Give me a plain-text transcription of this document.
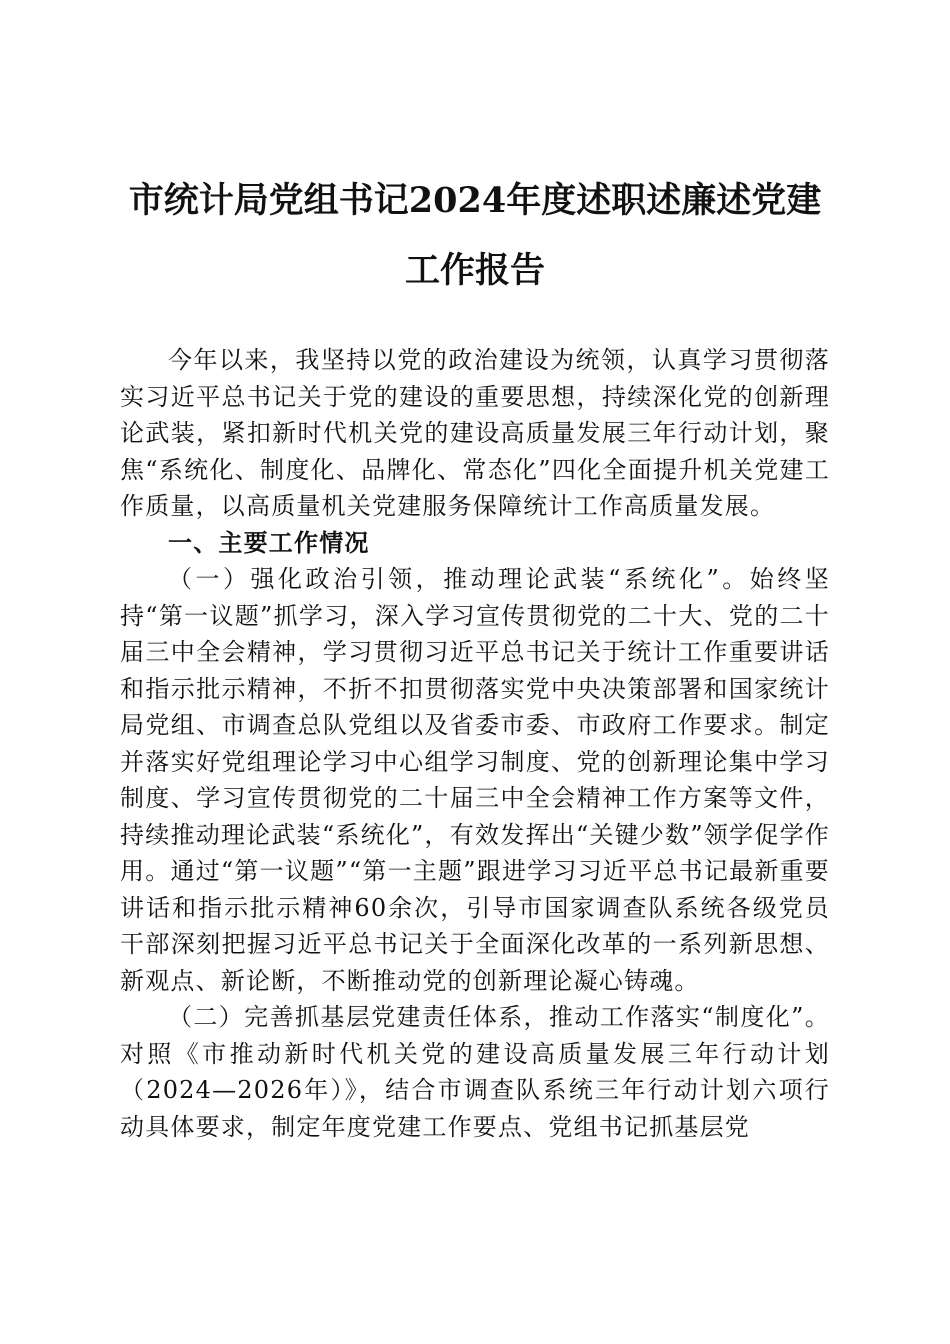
市统计局党组书记2024年度述职述廉述党建
工作报告

今年以来，我坚持以党的政治建设为统领，认真学习贯彻落实习近平总书记关于党的建设的重要思想，持续深化党的创新理论武装，紧扣新时代机关党的建设高质量发展三年行动计划，聚焦“系统化、制度化、品牌化、常态化”四化全面提升机关党建工作质量，以高质量机关党建服务保障统计工作高质量发展。

一、主要工作情况

（一）强化政治引领，推动理论武装“系统化”。始终坚持“第一议题”抓学习，深入学习宣传贯彻党的二十大、党的二十届三中全会精神，学习贯彻习近平总书记关于统计工作重要讲话和指示批示精神，不折不扣贯彻落实党中央决策部署和国家统计局党组、市调查总队党组以及省委市委、市政府工作要求。制定并落实好党组理论学习中心组学习制度、党的创新理论集中学习制度、学习宣传贯彻党的二十届三中全会精神工作方案等文件，持续推动理论武装“系统化”，有效发挥出“关键少数”领学促学作用。通过“第一议题”“第一主题”跟进学习习近平总书记最新重要讲话和指示批示精神60余次，引导市国家调查队系统各级党员干部深刻把握习近平总书记关于全面深化改革的一系列新思想、新观点、新论断，不断推动党的创新理论凝心铸魂。

（二）完善抓基层党建责任体系，推动工作落实“制度化”。对照《市推动新时代机关党的建设高质量发展三年行动计划（2024—2026年）》，结合市调查队系统三年行动计划六项行动具体要求，制定年度党建工作要点、党组书记抓基层党
